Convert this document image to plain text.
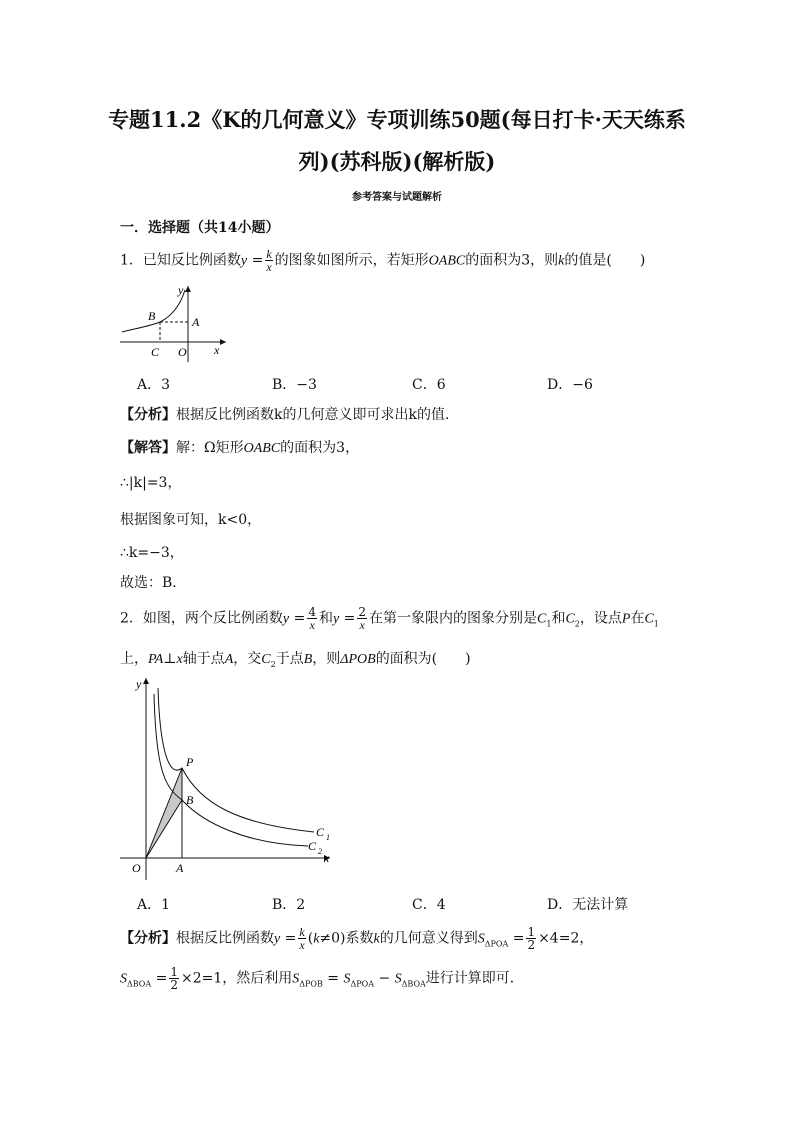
专题11.2《K的几何意义》专项训练50题(每日打卡·天天练系
列)(苏科版)(解析版)
参考答案与试题解析
一．选择题（共14小题）
1．已知反比例函数$y = \frac{k}{x}$ 的图象如图所示，若矩形OABC的面积为3，则k的值是(　　)
y
B	A
C O x
A．3	B．−3	C．6	D．−6
【分析】根据反比例函数k的几何意义即可求出k的值．
【解答】解：Ω矩形OABC的面积为3，
∴|k|=3，
根据图象可知，k<0，
∴k=−3，
故选：B．
2．如图，两个反比例函数$y = \frac{4}{x}$ 和$y = \frac{2}{x}$ 在第一象限内的图象分别是$C_1$和$C_2$，设点P在$C_1$
上，PA⊥x轴于点A，交$C_2$于点B，则ΔPOB的面积为(　　)
y
P
B
O	A
C 1
C 2 x
A．1	B．2	C．4	D．无法计算
【分析】根据反比例函数$y = \frac{k}{x} (k\ne 0)$系数k的几何意义得到$S_{\Delta POA} = \frac{1}{2} \times 4=2$，
$S_{\Delta BOA} = \frac{1}{2} \times 2=1$，然后利用$S_{\Delta POB} = S_{\Delta POA} - S_{\Delta BOA}$进行计算即可．
